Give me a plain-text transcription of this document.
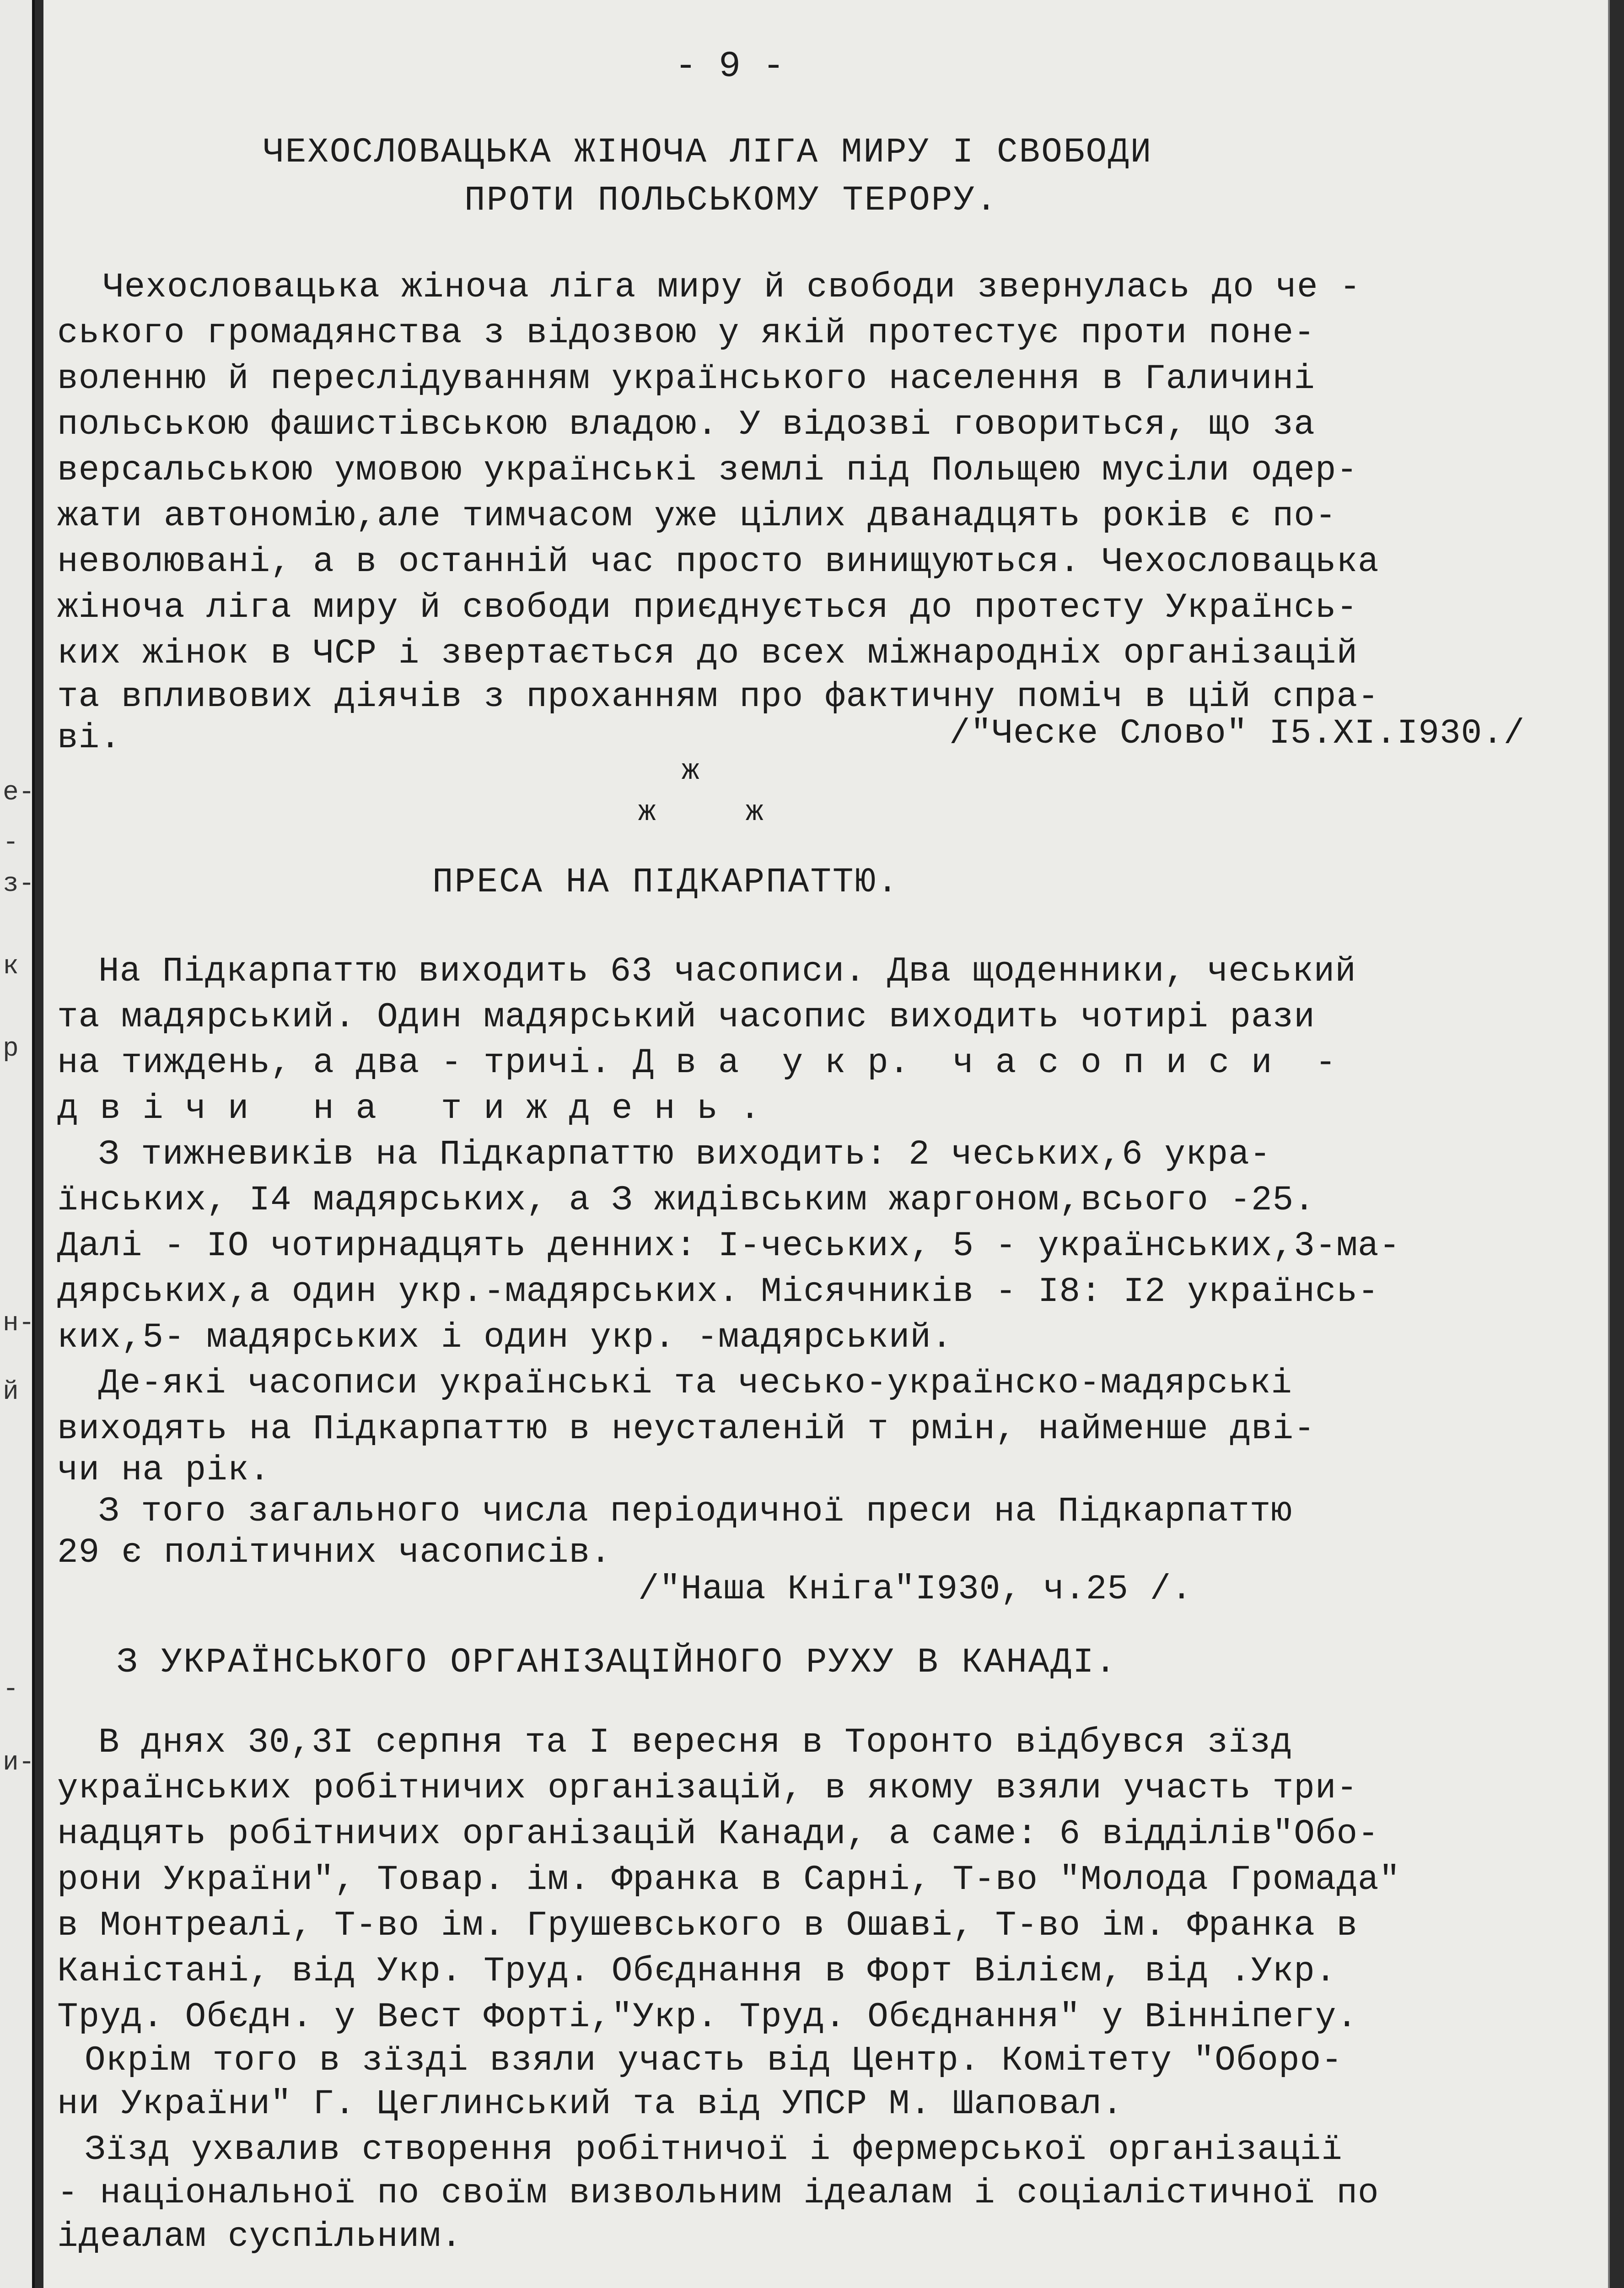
е-
-
з-
к
р
н-
й
-
и-
- 9 -
ЧЕХОСЛОВАЦЬКА ЖІНОЧА ЛІГА МИРУ І СВОБОДИ
ПРОТИ ПОЛЬСЬКОМУ ТЕРОРУ.
Чехословацька жіноча ліга миру й свободи звернулась до че -
ського громадянства з відозвою у якій протестує проти поне-
воленню й переслідуванням українського населення в Галичині
польською фашистівською владою. У відозві говориться, що за
версальською умовою українські землі під Польщею мусіли одер-
жати автономію,але тимчасом уже цілих дванадцять років є по-
неволювані, а в останній час просто винищуються. Чехословацька
жіноча ліга миру й свободи приєднується до протесту Українсь-
ких жінок в ЧСР і звертається до всех міжнародніх організацій
та впливових діячів з проханням про фактичну поміч в цій спра-
ві.	/"Ческе Слово" I5.XI.I930./
ж
ж	ж
ПРЕСА НА ПІДКАРПАТТЮ.
На Підкарпаттю виходить 63 часописи. Два щоденники, чеський
та мадярський. Один мадярський часопис виходить чотирі рази
на тиждень, а два - тричі. Д в а  у к р.  ч а с о п и с и  -
д в і ч и   н а   т и ж д е н ь .
З тижневиків на Підкарпаттю виходить: 2 чеських,6 укра-
їнських, I4 мадярських, а З жидівським жаргоном,всього -25.
Далі - IO чотирнадцять денних: I-чеських, 5 - українських,3-ма-
дярських,а один укр.-мадярських. Місячників - I8: I2 українсь-
ких,5- мадярських і один укр. -мадярський.
Де-які часописи українські та чесько-українско-мадярські
виходять на Підкарпаттю в неусталеній т рмін, найменше дві-
чи на рік.
З того загального числа періодичної преси на Підкарпаттю
29 є політичних часописів.
/"Наша Кніга"I930, ч.25 /.
З УКРАЇНСЬКОГО ОРГАНІЗАЦІЙНОГО РУХУ В КАНАДІ.
В днях 30,3I серпня та I вересня в Торонто відбувся зїзд
українських робітничих організацій, в якому взяли участь три-
надцять робітничих організацій Канади, а саме: 6 відділів"Обо-
рони України", Товар. ім. Франка в Сарні, Т-во "Молода Громада"
в Монтреалі, Т-во ім. Грушевського в Ошаві, Т-во ім. Франка в
Каністані, від Укр. Труд. Обєднання в Форт Вілієм, від .Укр.
Труд. Обєдн. у Вест Форті,"Укр. Труд. Обєднання" у Вінніпегу.
Окрім того в зїзді взяли участь від Центр. Комітету "Оборо-
ни України" Г. Цеглинський та від УПСР М. Шаповал.
Зїзд ухвалив створення робітничої і фермерської організації
- національної по своїм визвольним ідеалам і соціалістичної по
ідеалам суспільним.
